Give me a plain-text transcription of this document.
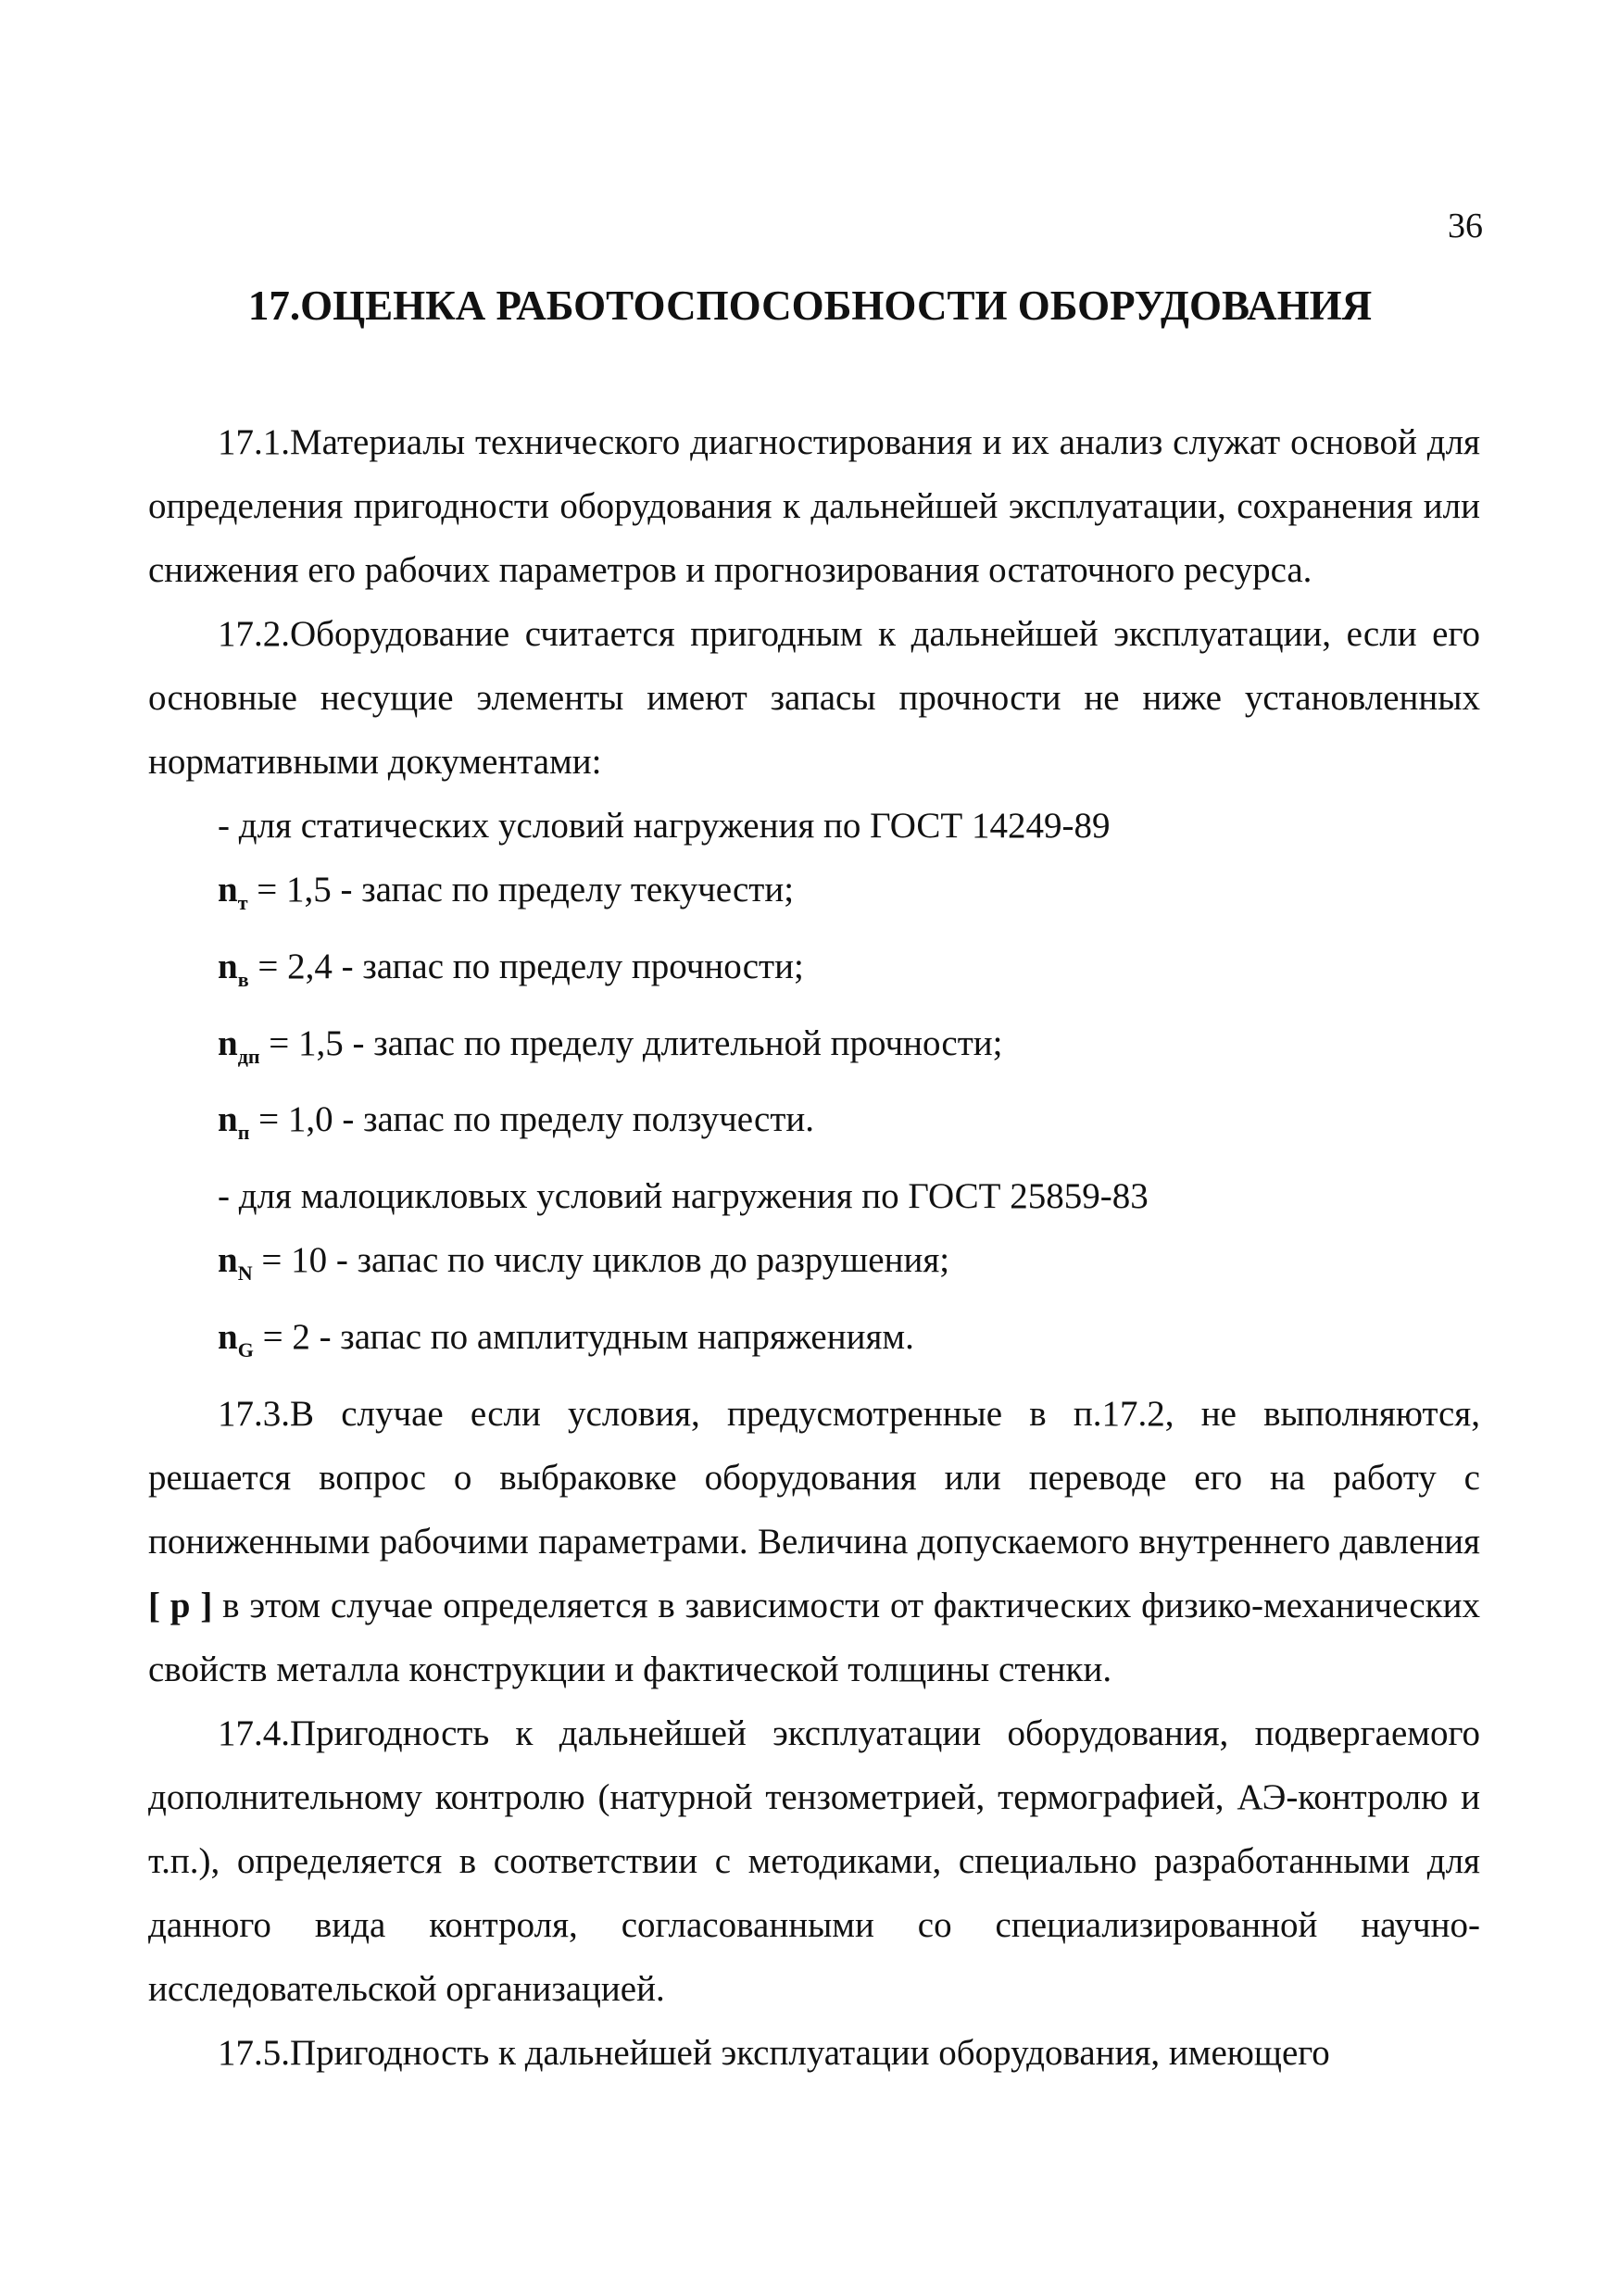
36
17.ОЦЕНКА РАБОТОСПОСОБНОСТИ ОБОРУДОВАНИЯ

17.1.Материалы технического диагностирования и их анализ служат основой для определения пригодности оборудования к дальнейшей эксплуатации, сохранения или снижения его рабочих параметров и прогнозирования остаточного ресурса.

17.2.Оборудование считается пригодным к дальнейшей эксплуатации, если его основные несущие элементы имеют запасы прочности не ниже установленных нормативными документами:

- для статических условий нагружения по ГОСТ 14249-89

$n_т = 1,5$ - запас по пределу текучести;

$n_в = 2,4$ - запас по пределу прочности;

$n_{дп} = 1,5$ - запас по пределу длительной прочности;

$n_п = 1,0$ - запас по пределу ползучести.

- для малоцикловых условий нагружения по ГОСТ 25859-83

$n_N = 10$ - запас по числу циклов до разрушения;

$n_G = 2$ - запас по амплитудным напряжениям.

17.3.В случае если условия, предусмотренные в п.17.2, не выполняются, решается вопрос о выбраковке оборудования или переводе его на работу с пониженными рабочими параметрами. Величина допускаемого внутреннего давления [ p ] в этом случае определяется в зависимости от фактических физико-механических свойств металла конструкции и фактической толщины стенки.

17.4.Пригодность к дальнейшей эксплуатации оборудования, подвергаемого дополнительному контролю (натурной тензометрией, термографией, АЭ-контролю и т.п.), определяется в соответствии с методиками, специально разработанными для данного вида контроля, согласованными со специализированной научно-исследовательской организацией.

17.5.Пригодность к дальнейшей эксплуатации оборудования, имеющего
